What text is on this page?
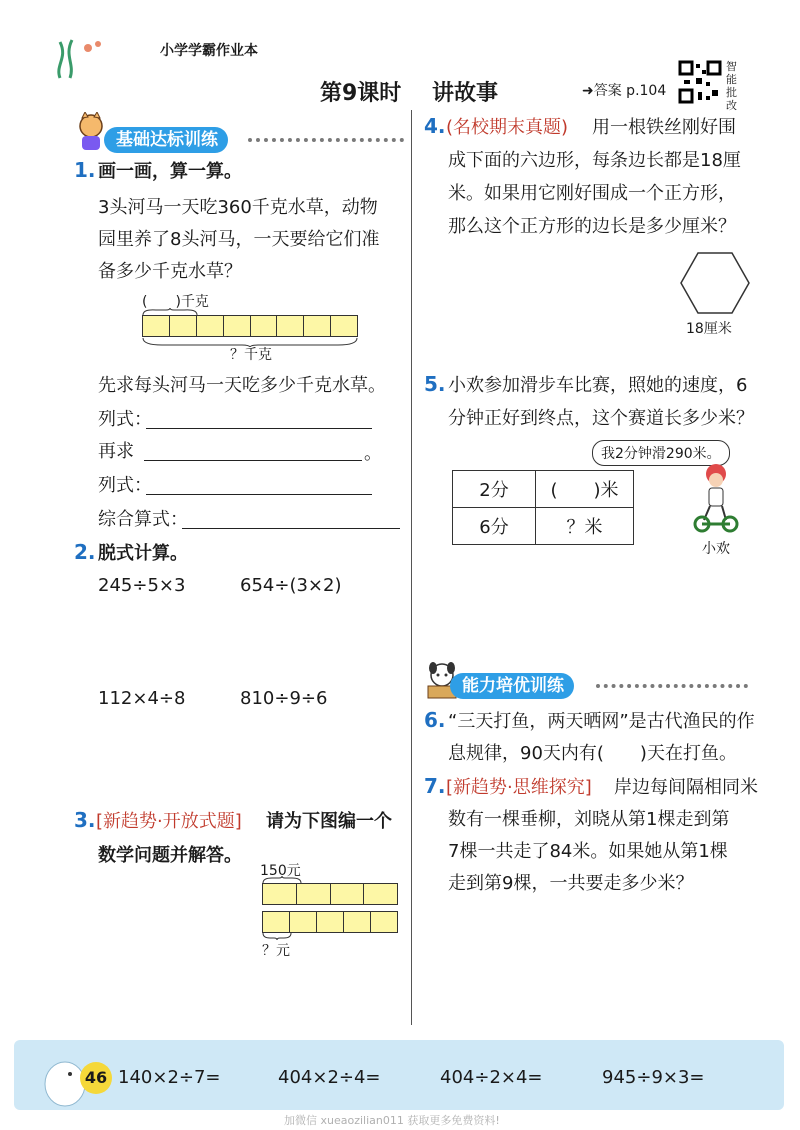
小学学霸作业本
第9课时 讲故事	➜答案 p.104
智能批改
基础达标训练
1. 画一画，算一算。
3头河马一天吃360千克水草，动物
园里养了8头河马，一天要给它们准
备多少千克水草？
(　　)千克
？千克
先求每头河马一天吃多少千克水草。
列式：
再求	。
列式：
综合算式：
2. 脱式计算。
245÷5×3	654÷(3×2)
112×4÷8	810÷9÷6
3. [新趋势·开放式题] 请为下图编一个
数学问题并解答。
150元
？元
4. (名校期末真题) 用一根铁丝刚好围
成下面的六边形，每条边长都是18厘
米。如果用它刚好围成一个正方形，
那么这个正方形的边长是多少厘米？
18厘米
5. 小欢参加滑步车比赛，照她的速度，6
分钟正好到终点，这个赛道长多少米？
我2分钟滑290米。
2分	(　　)米
6分	？米
小欢
能力培优训练
6. “三天打鱼，两天晒网”是古代渔民的作
息规律，90天内有(　　)天在打鱼。
7. [新趋势·思维探究] 岸边每间隔相同米
数有一棵垂柳，刘晓从第1棵走到第
7棵一共走了84米。如果她从第1棵
走到第9棵，一共要走多少米？
46 140×2÷7=	404×2÷4=	404÷2×4=	945÷9×3=
加微信 xueaozilian011 获取更多免费资料!
